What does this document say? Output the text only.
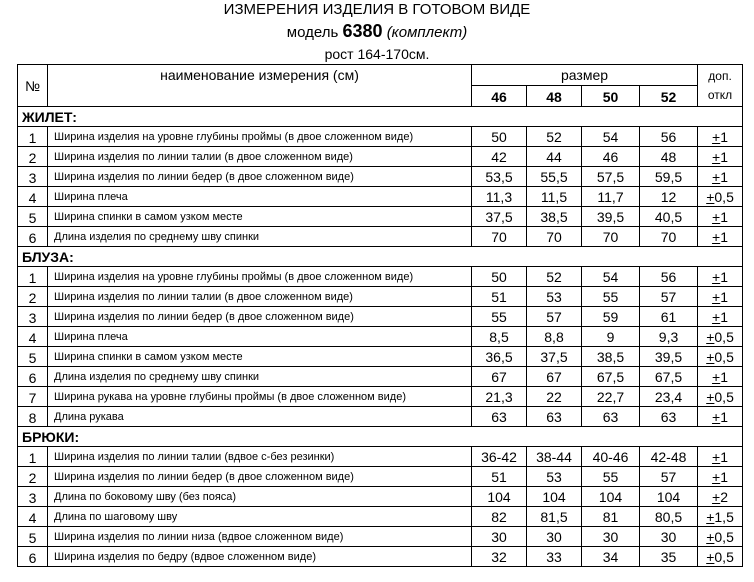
ИЗМЕРЕНИЯ ИЗДЕЛИЯ В ГОТОВОМ ВИДЕ
модель 6380 (комплект)
рост 164-170см.
№	наименование измерения (см)	размер				доп.
откл

		46	48	50	52	
ЖИЛЕТ:						
1	Ширина изделия на уровне глубины проймы (в двое сложенном виде)	50	52	54	56	+1
2	Ширина изделия по линии талии (в двое сложенном виде)	42	44	46	48	+1
3	Ширина изделия по линии бедер (в двое сложенном виде)	53,5	55,5	57,5	59,5	+1
4	Ширина плеча	11,3	11,5	11,7	12	+0,5
5	Ширина спинки в самом узком месте	37,5	38,5	39,5	40,5	+1
6	Длина изделия по среднему шву спинки	70	70	70	70	+1
БЛУЗА:						
1	Ширина изделия на уровне глубины проймы (в двое сложенном виде)	50	52	54	56	+1
2	Ширина изделия по линии талии (в двое сложенном виде)	51	53	55	57	+1
3	Ширина изделия по линии бедер (в двое сложенном виде)	55	57	59	61	+1
4	Ширина плеча	8,5	8,8	9	9,3	+0,5
5	Ширина спинки в самом узком месте	36,5	37,5	38,5	39,5	+0,5
6	Длина изделия по среднему шву спинки	67	67	67,5	67,5	+1
7	Ширина рукава на уровне глубины проймы (в двое сложенном виде)	21,3	22	22,7	23,4	+0,5
8	Длина рукава	63	63	63	63	+1
БРЮКИ:						
1	Ширина изделия по линии талии (вдвое с-без резинки)	36-42	38-44	40-46	42-48	+1
2	Ширина изделия по линии бедер (в двое сложенном виде)	51	53	55	57	+1
3	Длина по боковому шву (без пояса)	104	104	104	104	+2
4	Длина по шаговому шву	82	81,5	81	80,5	+1,5
5	Ширина изделия по линии низа (вдвое сложенном виде)	30	30	30	30	+0,5
6	Ширина изделия по бедру (вдвое сложенном виде)	32	33	34	35	+0,5
